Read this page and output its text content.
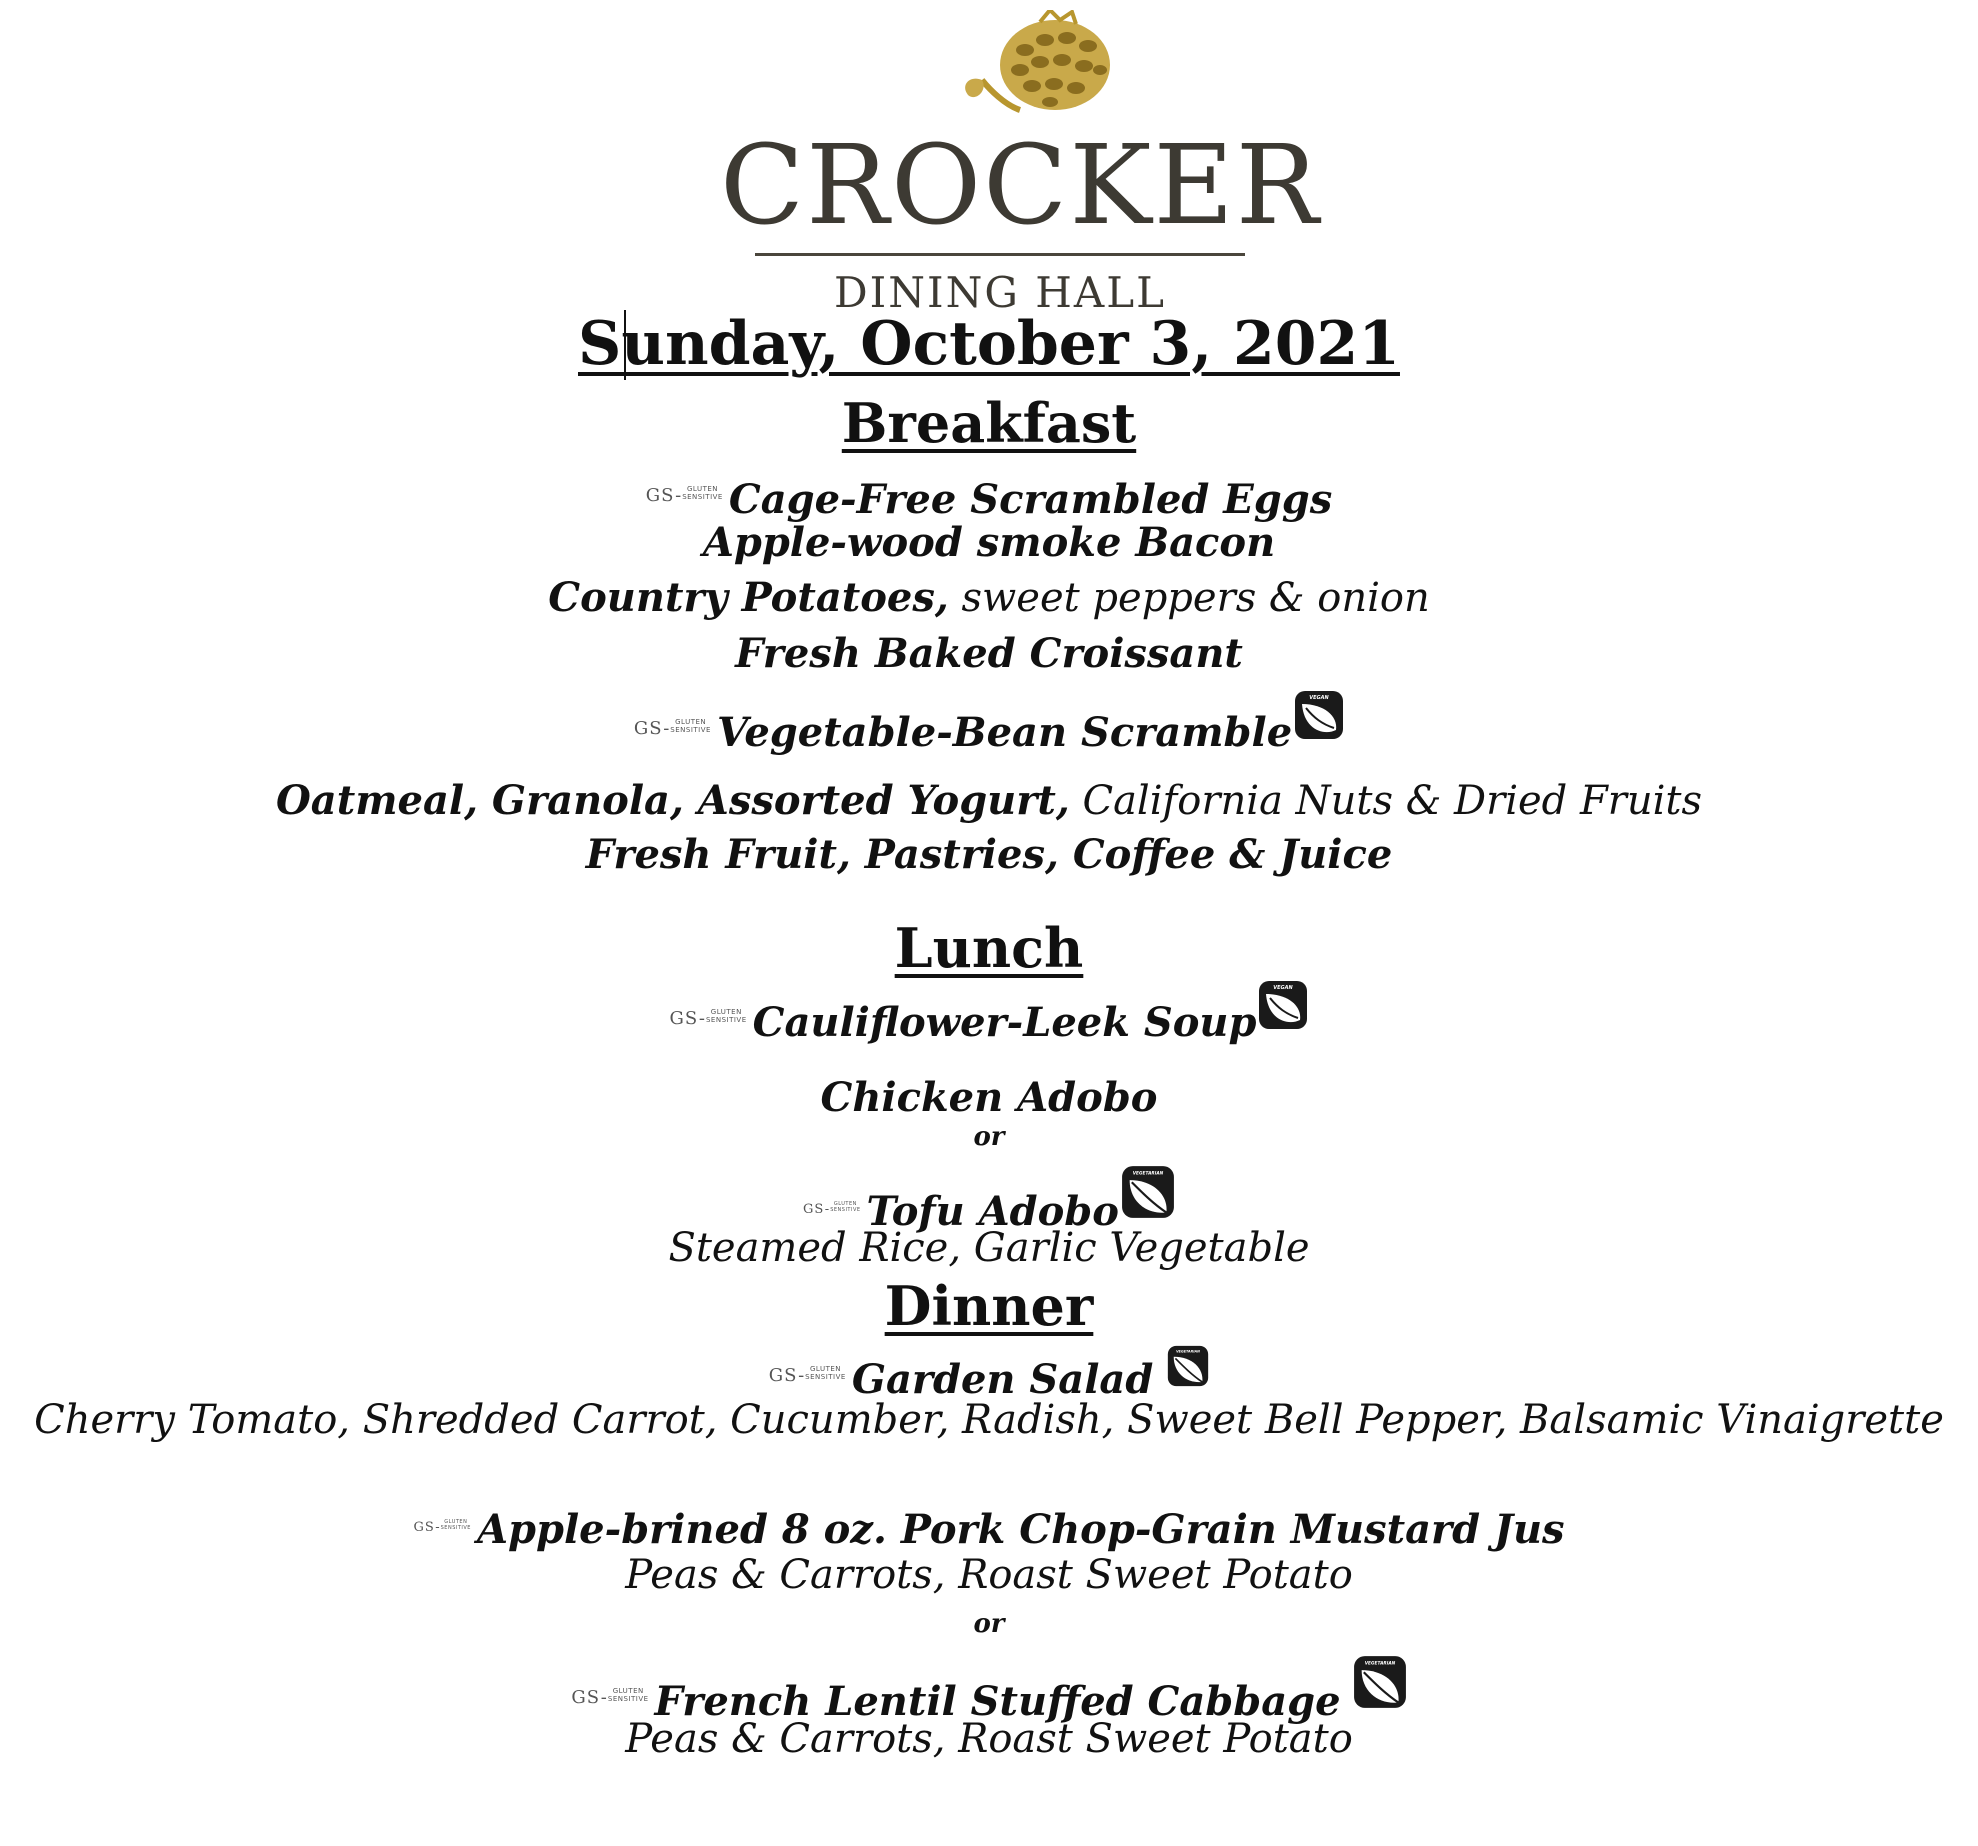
CROCKER
DINING HALL
Sunday, October 3, 2021
Breakfast
GS- GLUTEN
SENSITIVE Cage-Free Scrambled Eggs
Apple-wood smoke Bacon
Country Potatoes, sweet peppers & onion
Fresh Baked Croissant
GS- GLUTEN
SENSITIVE Vegetable-Bean Scramble
VEGAN
Oatmeal, Granola, Assorted Yogurt, California Nuts & Dried Fruits
Fresh Fruit, Pastries, Coffee & Juice
Lunch
GS- GLUTEN
SENSITIVE Cauliflower-Leek Soup
VEGAN
Chicken Adobo
or
GS- GLUTEN
SENSITIVE Tofu Adobo
VEGETARIAN
Steamed Rice, Garlic Vegetable
Dinner
GS- GLUTEN
SENSITIVE Garden Salad
VEGETARIAN
Cherry Tomato, Shredded Carrot, Cucumber, Radish, Sweet Bell Pepper, Balsamic Vinaigrette
GS- GLUTEN
SENSITIVE Apple-brined 8 oz. Pork Chop-Grain Mustard Jus
Peas & Carrots, Roast Sweet Potato
or
GS- GLUTEN
SENSITIVE French Lentil Stuffed Cabbage
VEGETARIAN
Peas & Carrots, Roast Sweet Potato
